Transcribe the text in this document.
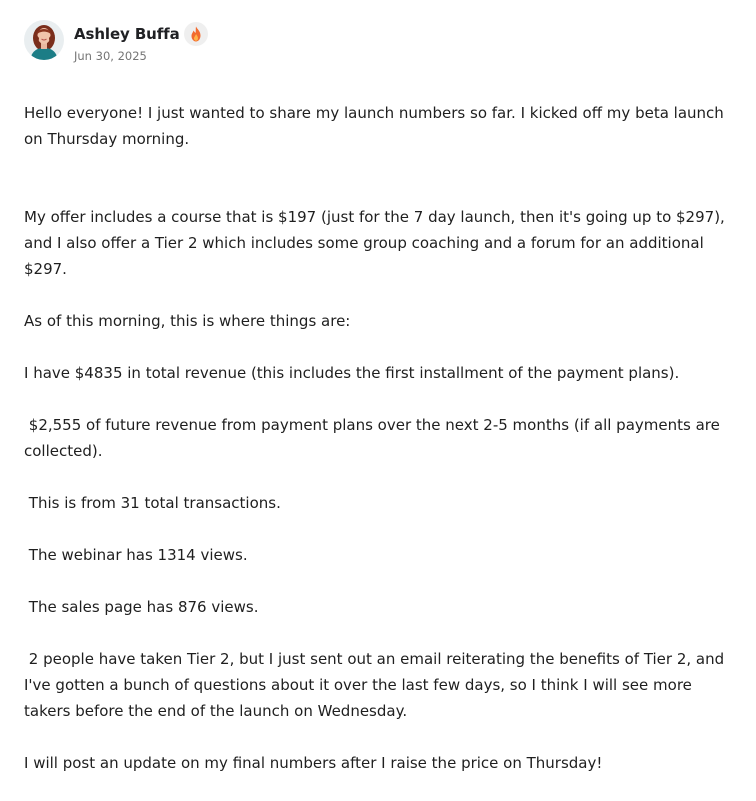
Ashley Buffa
Jun 30, 2025

Hello everyone! I just wanted to share my launch numbers so far. I kicked off my beta launch on Thursday morning.

My offer includes a course that is $197 (just for the 7 day launch, then it's going up to $297), and I also offer a Tier 2 which includes some group coaching and a forum for an additional $297.

As of this morning, this is where things are:

I have $4835 in total revenue (this includes the first installment of the payment plans).

$2,555 of future revenue from payment plans over the next 2-5 months (if all payments are collected).

This is from 31 total transactions.

The webinar has 1314 views.

The sales page has 876 views.

2 people have taken Tier 2, but I just sent out an email reiterating the benefits of Tier 2, and I've gotten a bunch of questions about it over the last few days, so I think I will see more takers before the end of the launch on Wednesday.

I will post an update on my final numbers after I raise the price on Thursday!
